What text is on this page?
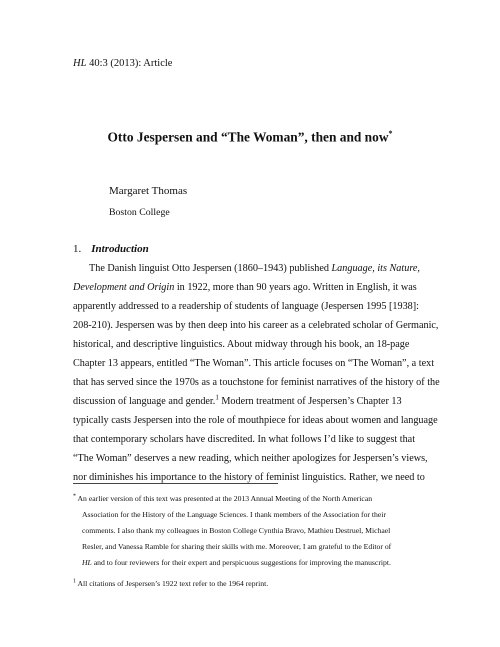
HL 40:3 (2013): Article
Otto Jespersen and “The Woman”, then and now*
Margaret Thomas
Boston College
1. Introduction
The Danish linguist Otto Jespersen (1860–1943) published Language, its Nature,
Development and Origin in 1922, more than 90 years ago. Written in English, it was
apparently addressed to a readership of students of language (Jespersen 1995 [1938]:
208-210). Jespersen was by then deep into his career as a celebrated scholar of Germanic,
historical, and descriptive linguistics. About midway through his book, an 18-page
Chapter 13 appears, entitled “The Woman”. This article focuses on “The Woman”, a text
that has served since the 1970s as a touchstone for feminist narratives of the history of the
discussion of language and gender.$^1$ Modern treatment of Jespersen’s Chapter 13
typically casts Jespersen into the role of mouthpiece for ideas about women and language
that contemporary scholars have discredited. In what follows I’d like to suggest that
“The Woman” deserves a new reading, which neither apologizes for Jespersen’s views,
nor diminishes his importance to the history of feminist linguistics. Rather, we need to
* An earlier version of this text was presented at the 2013 Annual Meeting of the North American
Association for the History of the Language Sciences. I thank members of the Association for their
comments. I also thank my colleagues in Boston College Cynthia Bravo, Mathieu Destruel, Michael
Resler, and Vanessa Ramble for sharing their skills with me. Moreover, I am grateful to the Editor of
HL and to four reviewers for their expert and perspicuous suggestions for improving the manuscript.
$^1$ All citations of Jespersen’s 1922 text refer to the 1964 reprint.
